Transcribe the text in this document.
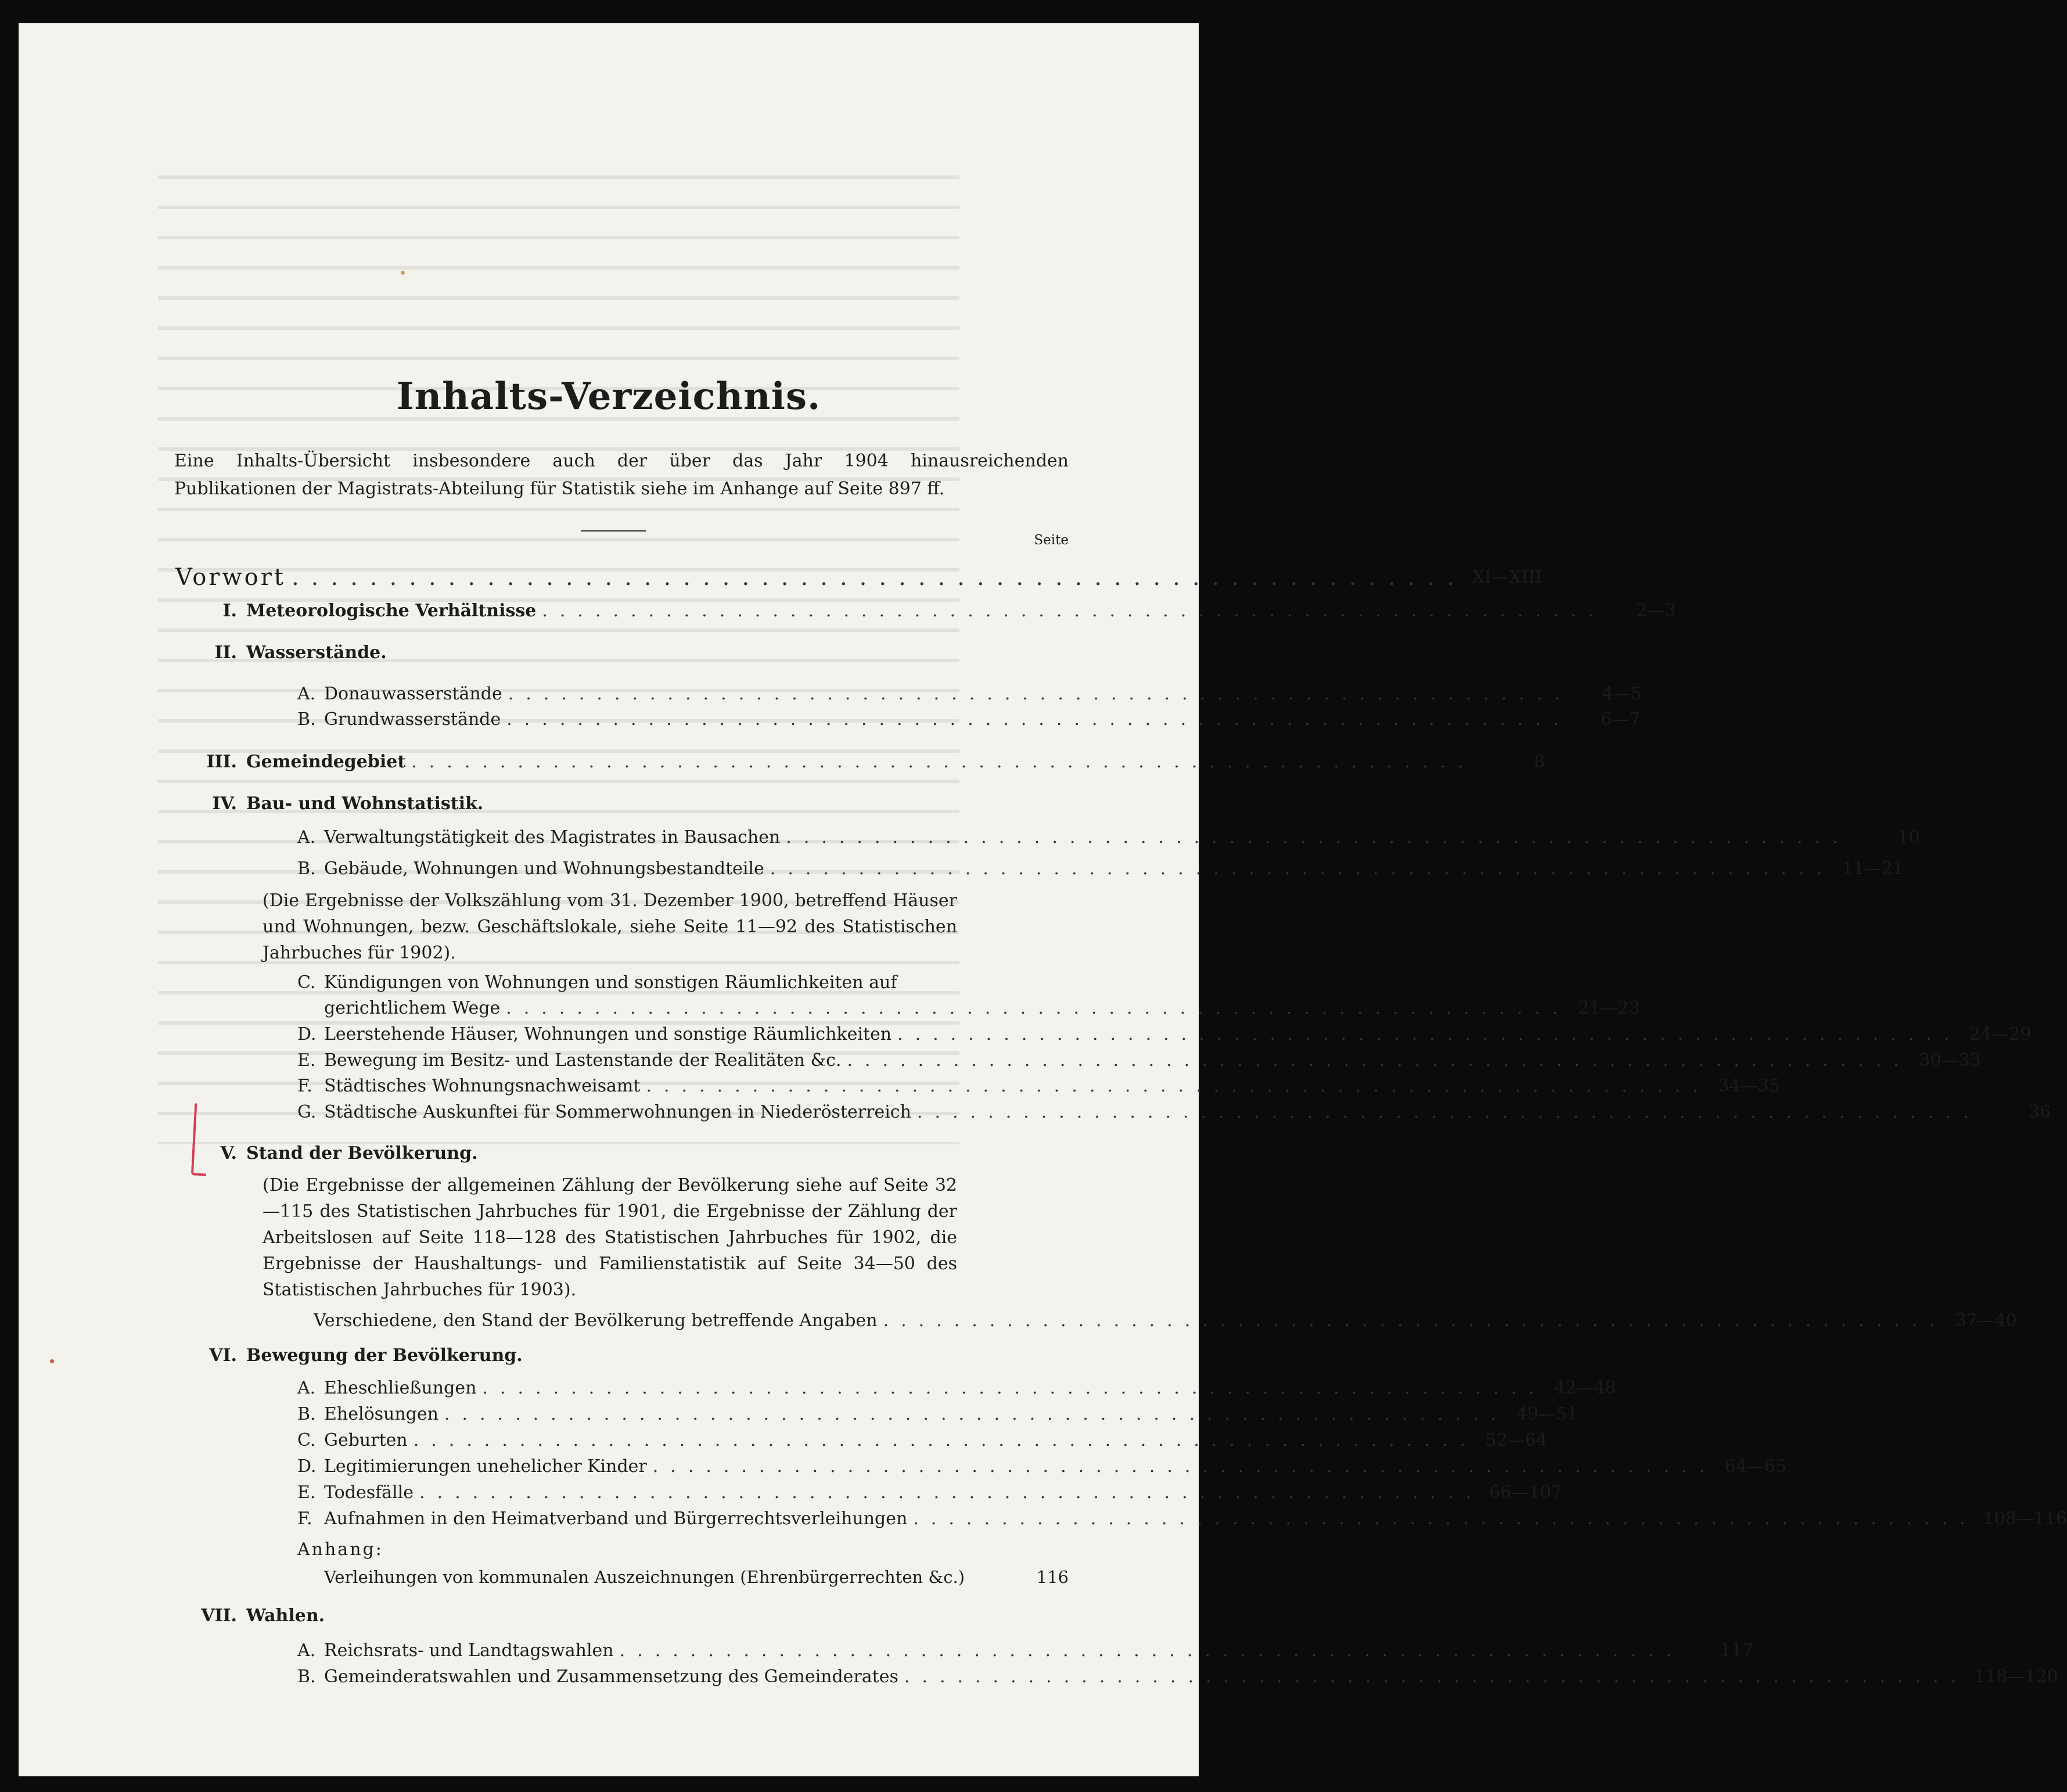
Inhalts-Verzeichnis.
Eine Inhalts-Übersicht insbesondere auch der über das Jahr 1904 hinausreichenden Publikationen der Magistrats-Abteilung für Statistik siehe im Anhange auf Seite 897 ff.
Seite
Vorwort ............................................................ XI—XIII
I. Meteorologische Verhältnisse ............................................................	2—3
II. Wasserstände.
A. Donauwasserstände ............................................................	4—5
B. Grundwasserstände ............................................................	6—7
III. Gemeindegebiet ............................................................	8
IV. Bau- und Wohnstatistik.
A. Verwaltungstätigkeit des Magistrates in Bausachen ............................................................	10
B. Gebäude, Wohnungen und Wohnungsbestandteile ............................................................ 11—21
(Die Ergebnisse der Volkszählung vom 31. Dezember 1900, betreffend Häuser und Wohnungen, bezw. Geschäftslokale, siehe Seite 11—92 des Statistischen Jahrbuches für 1902).
C. Kündigungen von Wohnungen und sonstigen Räumlichkeiten auf
gerichtlichem Wege ............................................................ 21—23
D. Leerstehende Häuser, Wohnungen und sonstige Räumlichkeiten ............................................................ 24—29
E. Bewegung im Besitz- und Lastenstande der Realitäten &c. ............................................................ 30—33
F. Städtisches Wohnungsnachweisamt ............................................................ 34—35
G. Städtische Auskunftei für Sommerwohnungen in Niederösterreich ............................................................	36
V. Stand der Bevölkerung.
(Die Ergebnisse der allgemeinen Zählung der Bevölkerung siehe auf Seite 32—115 des Statistischen Jahrbuches für 1901, die Ergebnisse der Zählung der Arbeitslosen auf Seite 118—128 des Statistischen Jahrbuches für 1902, die Ergebnisse der Haushaltungs- und Familienstatistik auf Seite 34—50 des Statistischen Jahrbuches für 1903).
Verschiedene, den Stand der Bevölkerung betreffende Angaben ............................................................ 37—40
VI. Bewegung der Bevölkerung.
A. Eheschließungen ............................................................ 42—48
B. Ehelösungen ............................................................ 49—51
C. Geburten ............................................................ 52—64
D. Legitimierungen unehelicher Kinder ............................................................ 64—65
E. Todesfälle ............................................................ 66—107
F. Aufnahmen in den Heimatverband und Bürgerrechtsverleihungen ............................................................ 108—116
Anhang:
Verleihungen von kommunalen Auszeichnungen (Ehrenbürgerrechten &c.)	116
VII. Wahlen.
A. Reichsrats- und Landtagswahlen ............................................................	117
B. Gemeinderatswahlen und Zusammensetzung des Gemeinderates ............................................................ 118—120
